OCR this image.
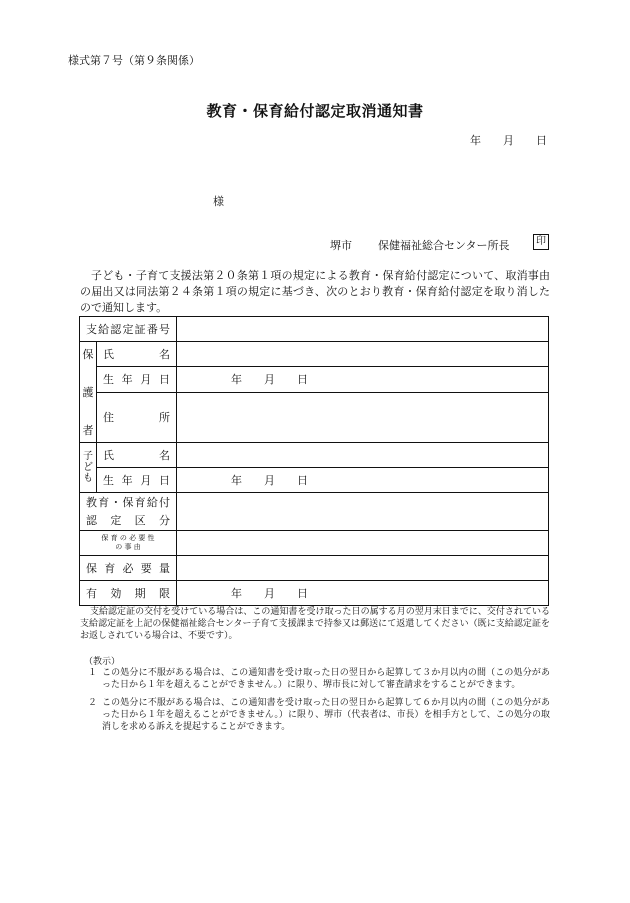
様式第７号（第９条関係）
教育・保育給付認定取消通知書
年　　月　　日
様
堺市 保健福祉総合センター所長	印
子ども・子育て支援法第２０条第１項の規定による教育・保育給付認定について、取消事由の届出又は同法第２４条第１項の規定に基づき、次のとおり教育・保育給付認定を取り消したので通知します。
支給認定証番号		

保
護
者	氏　　名	
	生年月日	年　　月　　日
	住　　所	

子
ど
も	氏　　名	
	生年月日	年　　月　　日

教育・保育給付
認定区分		

保 育 の 必 要 性
の 事 由		

保育必要量		
有効期限		年　　月　　日
支給認定証の交付を受けている場合は、この通知書を受け取った日の属する月の翌月末日までに、交付されている支給認定証を上記の保健福祉総合センター子育て支援課まで持参又は郵送にて返還してください（既に支給認定証をお返しされている場合は、不要です）。
（教示）
１ この処分に不服がある場合は、この通知書を受け取った日の翌日から起算して３か月以内の間（この処分があった日から１年を超えることができません。）に限り、堺市長に対して審査請求をすることができます。
２ この処分に不服がある場合は、この通知書を受け取った日の翌日から起算して６か月以内の間（この処分があった日から１年を超えることができません。）に限り、堺市（代表者は、市長）を相手方として、この処分の取消しを求める訴えを提起することができます。
